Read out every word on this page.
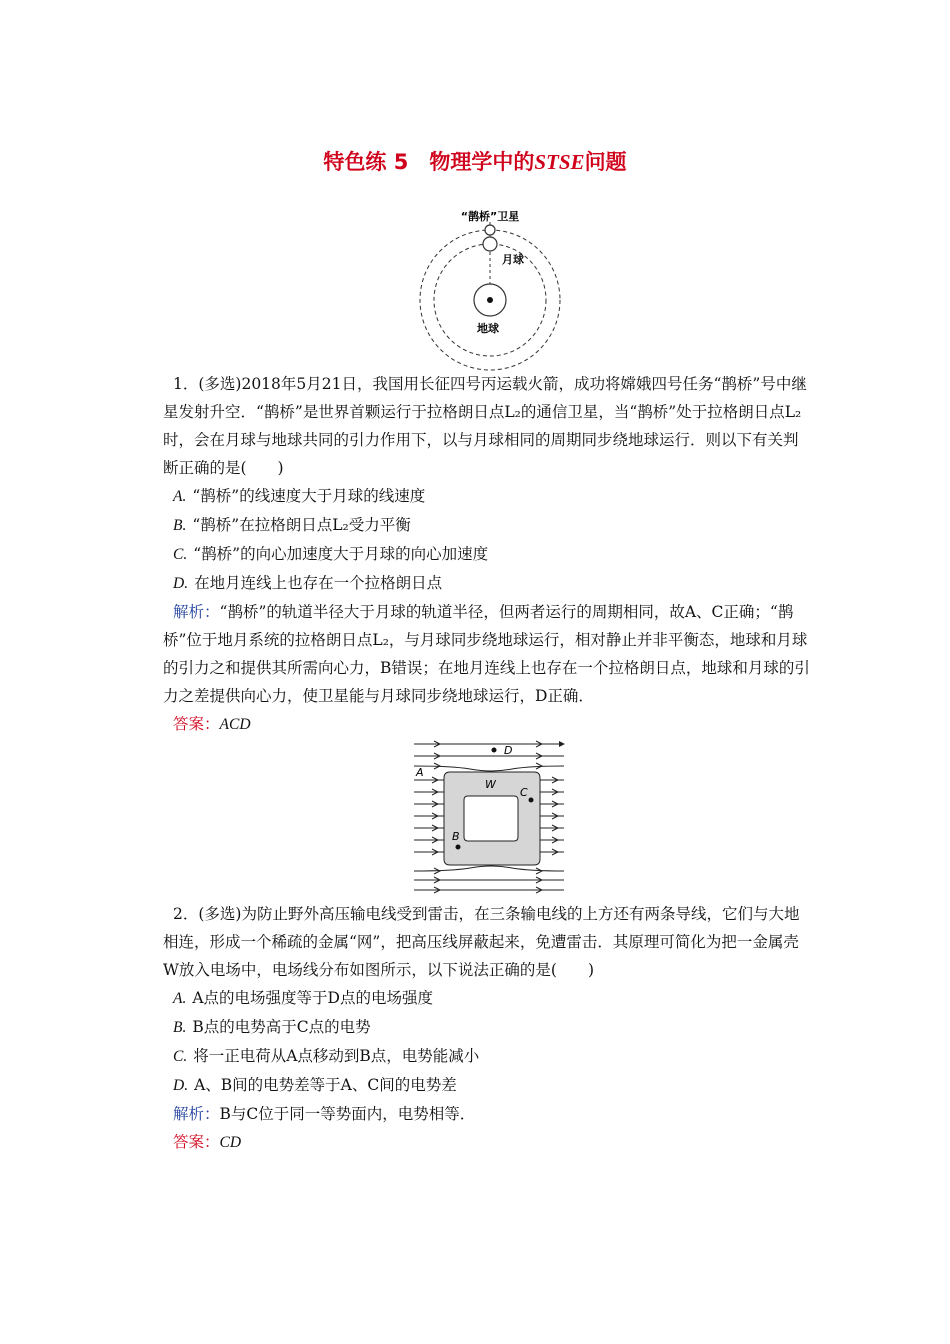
特色练 5　物理学中的STSE问题
“鹊桥”卫星
月球
地球

1．(多选)2018年5月21日，我国用长征四号丙运载火箭，成功将嫦娥四号任务“鹊桥”号中继星发射升空．“鹊桥”是世界首颗运行于拉格朗日点L₂的通信卫星，当“鹊桥”处于拉格朗日点L₂时，会在月球与地球共同的引力作用下，以与月球相同的周期同步绕地球运行．则以下有关判断正确的是(　　)

A. “鹊桥”的线速度大于月球的线速度

B. “鹊桥”在拉格朗日点L₂受力平衡

C. “鹊桥”的向心加速度大于月球的向心加速度

D. 在地月连线上也存在一个拉格朗日点

解析：“鹊桥”的轨道半径大于月球的轨道半径，但两者运行的周期相同，故A、C正确；“鹊桥”位于地月系统的拉格朗日点L₂，与月球同步绕地球运行，相对静止并非平衡态，地球和月球的引力之和提供其所需向心力，B错误；在地月连线上也存在一个拉格朗日点，地球和月球的引力之差提供向心力，使卫星能与月球同步绕地球运行，D正确．

答案：ACD

D
A
W
C
B

2．(多选)为防止野外高压输电线受到雷击，在三条输电线的上方还有两条导线，它们与大地相连，形成一个稀疏的金属“网”，把高压线屏蔽起来，免遭雷击．其原理可简化为把一金属壳W放入电场中，电场线分布如图所示，以下说法正确的是(　　)

A. A点的电场强度等于D点的电场强度

B. B点的电势高于C点的电势

C. 将一正电荷从A点移动到B点，电势能减小

D. A、B间的电势差等于A、C间的电势差

解析：B与C位于同一等势面内，电势相等．

答案：CD
